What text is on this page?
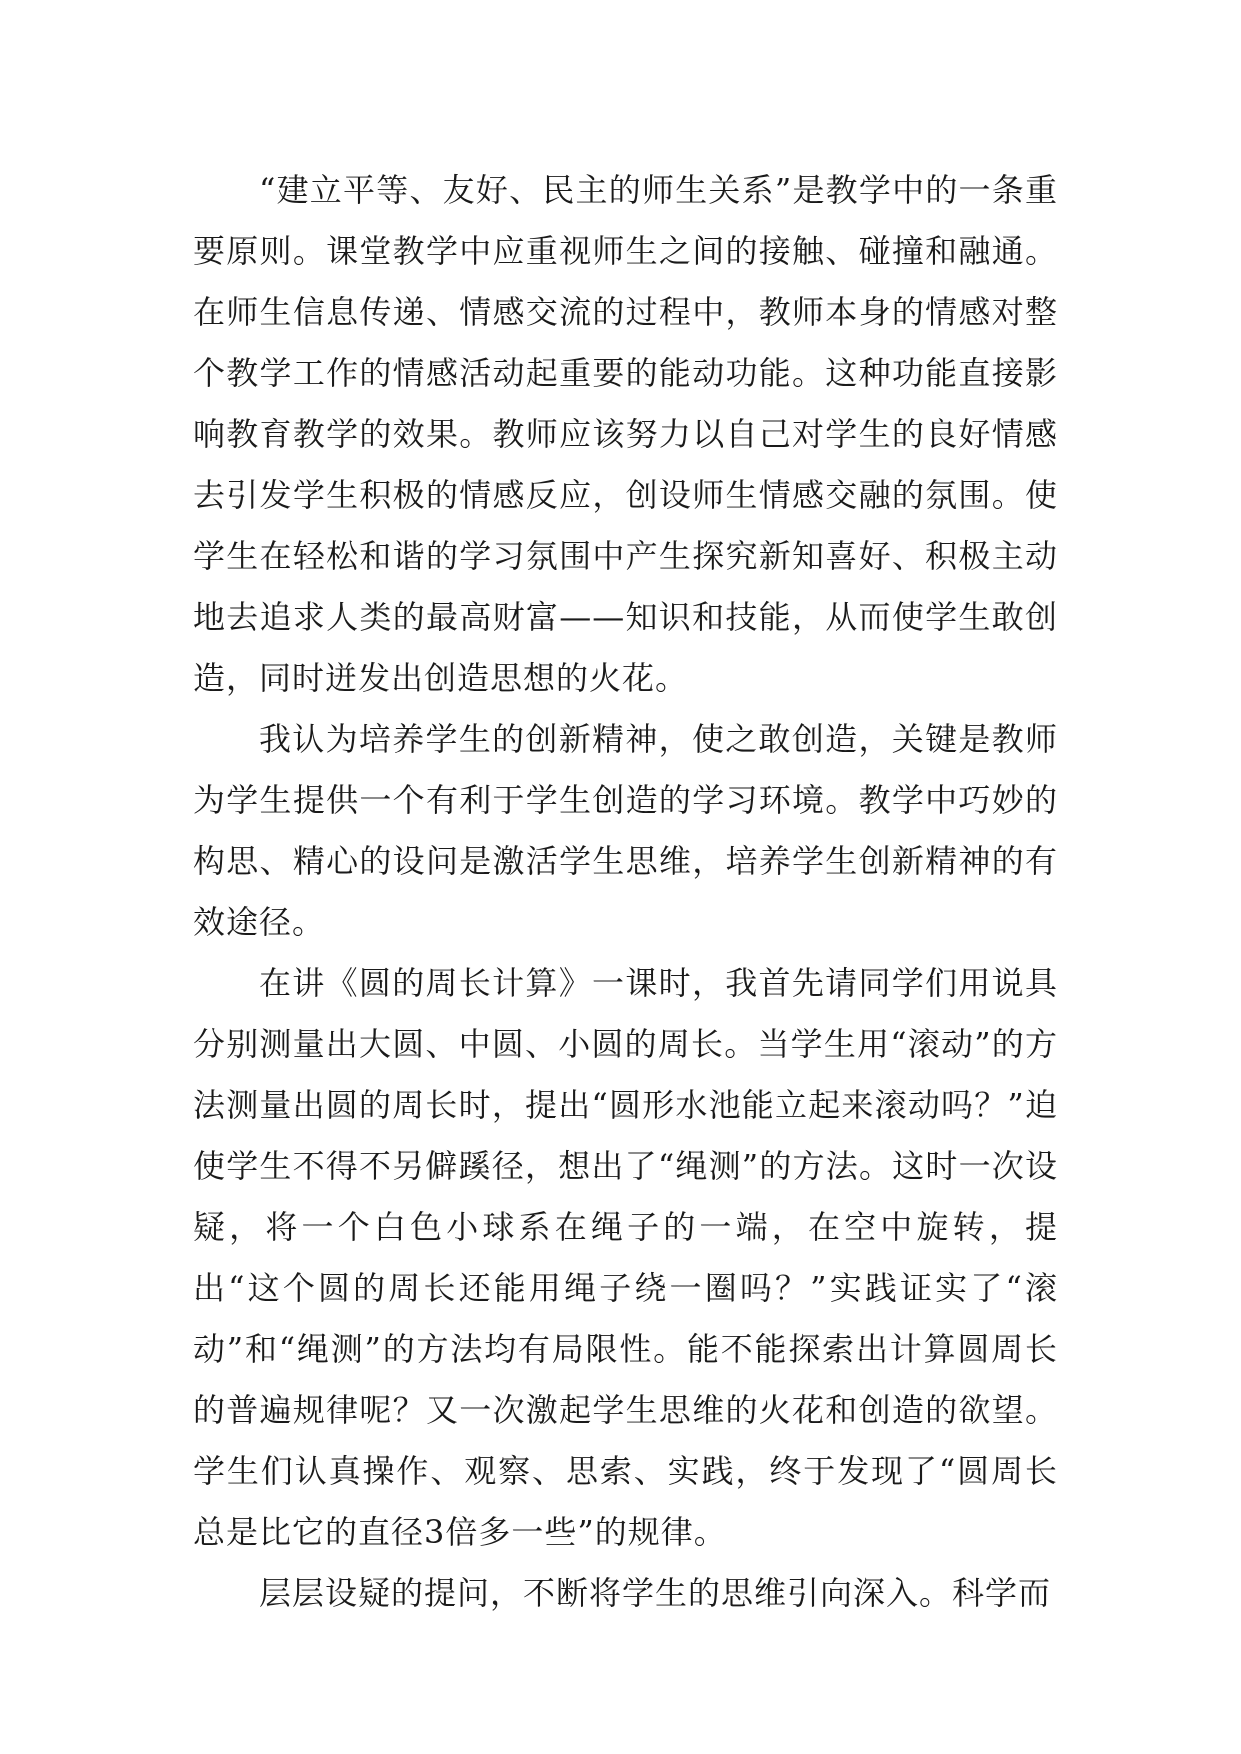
“建立平等、友好、民主的师生关系”是教学中的一条重要原则。课堂教学中应重视师生之间的接触、碰撞和融通。在师生信息传递、情感交流的过程中，教师本身的情感对整个教学工作的情感活动起重要的能动功能。这种功能直接影响教育教学的效果。教师应该努力以自己对学生的良好情感去引发学生积极的情感反应，创设师生情感交融的氛围。使学生在轻松和谐的学习氛围中产生探究新知喜好、积极主动地去追求人类的最高财富——知识和技能，从而使学生敢创造，同时迸发出创造思想的火花。

我认为培养学生的创新精神，使之敢创造，关键是教师为学生提供一个有利于学生创造的学习环境。教学中巧妙的构思、精心的设问是激活学生思维，培养学生创新精神的有效途径。

在讲《圆的周长计算》一课时，我首先请同学们用说具分别测量出大圆、中圆、小圆的周长。当学生用“滚动”的方法测量出圆的周长时，提出“圆形水池能立起来滚动吗？”迫使学生不得不另僻蹊径，想出了“绳测”的方法。这时一次设疑，将一个白色小球系在绳子的一端，在空中旋转，提出“这个圆的周长还能用绳子绕一圈吗？”实践证实了“滚动”和“绳测”的方法均有局限性。能不能探索出计算圆周长的普遍规律呢？又一次激起学生思维的火花和创造的欲望。学生们认真操作、观察、思索、实践，终于发现了“圆周长总是比它的直径3倍多一些”的规律。

层层设疑的提问，不断将学生的思维引向深入。科学而
